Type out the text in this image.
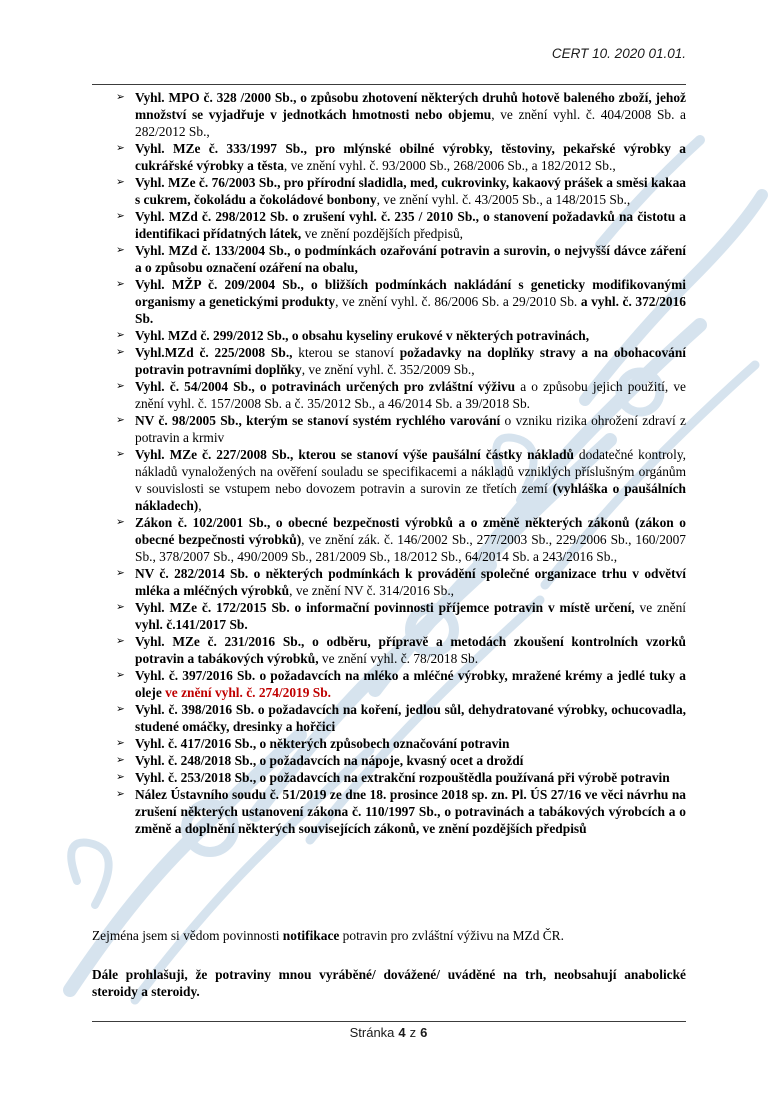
CERT 10. 2020 01.01.
➢ Vyhl. MPO č. 328 /2000 Sb., o způsobu zhotovení některých druhů hotově baleného zboží, jehož množství se vyjadřuje v jednotkách hmotnosti nebo objemu, ve znění vyhl. č. 404/2008 Sb. a 282/2012 Sb.,
➢ Vyhl. MZe č. 333/1997 Sb., pro mlýnské obilné výrobky, těstoviny, pekařské výrobky a cukrářské výrobky a těsta, ve znění vyhl. č. 93/2000 Sb., 268/2006 Sb., a 182/2012 Sb.,
➢ Vyhl. MZe č. 76/2003 Sb., pro přírodní sladidla, med, cukrovinky, kakaový prášek a směsi kakaa s cukrem, čokoládu a čokoládové bonbony, ve znění vyhl. č. 43/2005 Sb., a 148/2015 Sb.,
➢ Vyhl. MZd č. 298/2012 Sb. o zrušení vyhl. č. 235 / 2010 Sb., o stanovení požadavků na čistotu a identifikaci přídatných látek, ve znění pozdějších předpisů,
➢ Vyhl. MZd č. 133/2004 Sb., o podmínkách ozařování potravin a surovin, o nejvyšší dávce záření a o způsobu označení ozáření na obalu,
➢ Vyhl. MŽP č. 209/2004 Sb., o bližších podmínkách nakládání s geneticky modifikovanými organismy a genetickými produkty, ve znění vyhl. č. 86/2006 Sb. a 29/2010 Sb. a vyhl. č. 372/2016 Sb.
➢ Vyhl. MZd č. 299/2012 Sb., o obsahu kyseliny erukové v některých potravinách,
➢ Vyhl.MZd č. 225/2008 Sb., kterou se stanoví požadavky na doplňky stravy a na obohacování potravin potravními doplňky, ve znění vyhl. č. 352/2009 Sb.,
➢ Vyhl. č. 54/2004 Sb., o potravinách určených pro zvláštní výživu a o způsobu jejich použití, ve znění vyhl. č. 157/2008 Sb. a č. 35/2012 Sb., a 46/2014 Sb. a 39/2018 Sb.
➢ NV č. 98/2005 Sb., kterým se stanoví systém rychlého varování o vzniku rizika ohrožení zdraví z potravin a krmiv
➢ Vyhl. MZe č. 227/2008 Sb., kterou se stanoví výše paušální částky nákladů dodatečné kontroly, nákladů vynaložených na ověření souladu se specifikacemi a nákladů vzniklých příslušným orgánům v souvislosti se vstupem nebo dovozem potravin a surovin ze třetích zemí (vyhláška o paušálních nákladech),
➢ Zákon č. 102/2001 Sb., o obecné bezpečnosti výrobků a o změně některých zákonů (zákon o obecné bezpečnosti výrobků), ve znění zák. č. 146/2002 Sb., 277/2003 Sb., 229/2006 Sb., 160/2007 Sb., 378/2007 Sb., 490/2009 Sb., 281/2009 Sb., 18/2012 Sb., 64/2014 Sb. a 243/2016 Sb.,
➢ NV č. 282/2014 Sb. o některých podmínkách k provádění společné organizace trhu v odvětví mléka a mléčných výrobků, ve znění NV č. 314/2016 Sb.,
➢ Vyhl. MZe č. 172/2015 Sb. o informační povinnosti příjemce potravin v místě určení, ve znění vyhl. č.141/2017 Sb.
➢ Vyhl. MZe č. 231/2016 Sb., o odběru, přípravě a metodách zkoušení kontrolních vzorků potravin a tabákových výrobků, ve znění vyhl. č. 78/2018 Sb.
➢ Vyhl. č. 397/2016 Sb. o požadavcích na mléko a mléčné výrobky, mražené krémy a jedlé tuky a oleje ve znění vyhl. č. 274/2019 Sb.
➢ Vyhl. č. 398/2016 Sb. o požadavcích na koření, jedlou sůl, dehydratované výrobky, ochucovadla, studené omáčky, dresinky a hořčici
➢ Vyhl. č. 417/2016 Sb., o některých způsobech označování potravin
➢ Vyhl. č. 248/2018 Sb., o požadavcích na nápoje, kvasný ocet a droždí
➢ Vyhl. č. 253/2018 Sb., o požadavcích na extrakční rozpouštědla používaná při výrobě potravin
➢ Nález Ústavního soudu č. 51/2019 ze dne 18. prosince 2018 sp. zn. Pl. ÚS 27/16 ve věci návrhu na zrušení některých ustanovení zákona č. 110/1997 Sb., o potravinách a tabákových výrobcích a o změně a doplnění některých souvisejících zákonů, ve znění pozdějších předpisů

Zejména jsem si vědom povinnosti notifikace potravin pro zvláštní výživu na MZd ČR.

Dále prohlašuji, že potraviny mnou vyráběné/ dovážené/ uváděné na trh, neobsahují anabolické steroidy a steroidy.

Stránka 4 z 6
